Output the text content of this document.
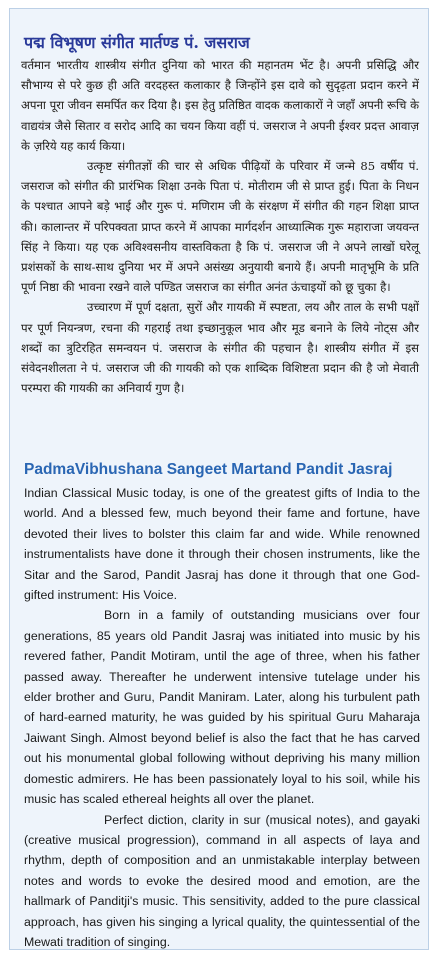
पद्म विभूषण संगीत मार्तण्ड पं. जसराज

वर्तमान भारतीय शास्त्रीय संगीत दुनिया को भारत की महानतम भेंट है। अपनी प्रसिद्धि और सौभाग्य से परे कुछ ही अति वरदहस्त कलाकार है जिन्होंने इस दावे को सुदृढ़ता प्रदान करने में अपना पूरा जीवन समर्पित कर दिया है। इस हेतु प्रतिष्ठित वादक कलाकारों ने जहाँ अपनी रूचि के वाद्ययंत्र जैसे सितार व सरोद आदि का चयन किया वहीं पं. जसराज ने अपनी ईश्वर प्रदत्त आवाज़ के ज़रिये यह कार्य किया।

उत्कृष्ट संगीतज्ञों की चार से अधिक पीढ़ियों के परिवार में जन्मे 85 वर्षीय पं. जसराज को संगीत की प्रारंभिक शिक्षा उनके पिता पं. मोतीराम जी से प्राप्त हुई। पिता के निधन के पश्चात आपने बड़े भाई और गुरू पं. मणिराम जी के संरक्षण में संगीत की गहन शिक्षा प्राप्त की। कालान्तर में परिपक्वता प्राप्त करने में आपका मार्गदर्शन आध्यात्मिक गुरू महाराजा जयवन्त सिंह ने किया। यह एक अविश्वसनीय वास्तविकता है कि पं. जसराज जी ने अपने लाखों घरेलू प्रशंसकों के साथ-साथ दुनिया भर में अपने असंख्य अनुयायी बनाये हैं। अपनी मातृभूमि के प्रति पूर्ण निष्ठा की भावना रखने वाले पण्डित जसराज का संगीत अनंत ऊंचाइयों को छू चुका है।

उच्चारण में पूर्ण दक्षता, सुरों और गायकी में स्पष्टता, लय और ताल के सभी पक्षों पर पूर्ण नियन्त्रण, रचना की गहराई तथा इच्छानुकूल भाव और मूड बनाने के लिये नोट्स और शब्दों का त्रुटिरहित समन्वयन पं. जसराज के संगीत की पहचान है। शास्त्रीय संगीत में इस संवेदनशीलता ने पं. जसराज जी की गायकी को एक शाब्दिक विशिष्टता प्रदान की है जो मेवाती परम्परा की गायकी का अनिवार्य गुण है।

PadmaVibhushana Sangeet Martand Pandit Jasraj

Indian Classical Music today, is one of the greatest gifts of India to the world. And a blessed few, much beyond their fame and fortune, have devoted their lives to bolster this claim far and wide. While renowned instrumentalists have done it through their chosen instruments, like the Sitar and the Sarod, Pandit Jasraj has done it through that one God-gifted instrument: His Voice.

Born in a family of outstanding musicians over four generations, 85 years old Pandit Jasraj was initiated into music by his revered father, Pandit Motiram, until the age of three, when his father passed away. Thereafter he underwent intensive tutelage under his elder brother and Guru, Pandit Maniram. Later, along his turbulent path of hard-earned maturity, he was guided by his spiritual Guru Maharaja Jaiwant Singh. Almost beyond belief is also the fact that he has carved out his monumental global following without depriving his many million domestic admirers. He has been passionately loyal to his soil, while his music has scaled ethereal heights all over the planet.

Perfect diction, clarity in sur (musical notes), and gayaki (creative musical progression), command in all aspects of laya and rhythm, depth of composition and an unmistakable interplay between notes and words to evoke the desired mood and emotion, are the hallmark of Panditji's music. This sensitivity, added to the pure classical approach, has given his singing a lyrical quality, the quintessential of the Mewati tradition of singing.
